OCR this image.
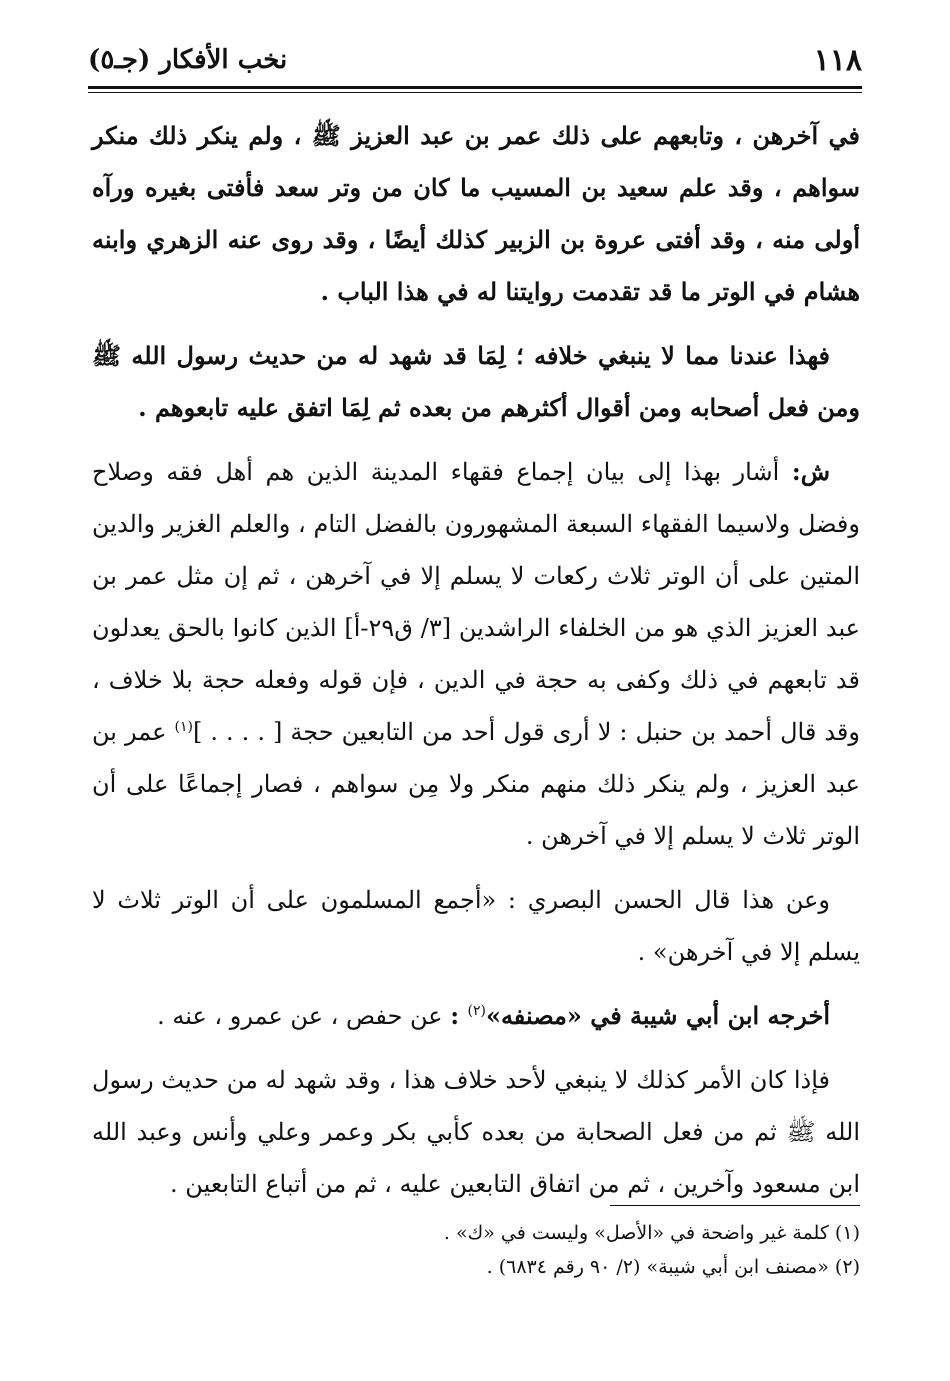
١١٨
نخب الأفكار (جـ٥)

في آخرهن ، وتابعهم على ذلك عمر بن عبد العزيز ﷺ ، ولم ينكر ذلك منكر سواهم ، وقد علم سعيد بن المسيب ما كان من وتر سعد فأفتى بغيره ورآه أولى منه ، وقد أفتى عروة بن الزبير كذلك أيضًا ، وقد روى عنه الزهري وابنه هشام في الوتر ما قد تقدمت روايتنا له في هذا الباب .

فهذا عندنا مما لا ينبغي خلافه ؛ لِمَا قد شهد له من حديث رسول الله ﷺ ومن فعل أصحابه ومن أقوال أكثرهم من بعده ثم لِمَا اتفق عليه تابعوهم .

ش: أشار بهذا إلى بيان إجماع فقهاء المدينة الذين هم أهل فقه وصلاح وفضل ولاسيما الفقهاء السبعة المشهورون بالفضل التام ، والعلم الغزير والدين المتين على أن الوتر ثلاث ركعات لا يسلم إلا في آخرهن ، ثم إن مثل عمر بن عبد العزيز الذي هو من الخلفاء الراشدين [٣/ ق٢٩-أ] الذين كانوا بالحق يعدلون قد تابعهم في ذلك وكفى به حجة في الدين ، فإن قوله وفعله حجة بلا خلاف ، وقد قال أحمد بن حنبل : لا أرى قول أحد من التابعين حجة [ . . . . ]$^{(١)}$ عمر بن عبد العزيز ، ولم ينكر ذلك منهم منكر ولا مِن سواهم ، فصار إجماعًا على أن الوتر ثلاث لا يسلم إلا في آخرهن .

وعن هذا قال الحسن البصري : «أجمع المسلمون على أن الوتر ثلاث لا يسلم إلا في آخرهن» .

أخرجه ابن أبي شيبة في «مصنفه»$^{(٢)}$ : عن حفص ، عن عمرو ، عنه .

فإذا كان الأمر كذلك لا ينبغي لأحد خلاف هذا ، وقد شهد له من حديث رسول الله ﷺ ثم من فعل الصحابة من بعده كأبي بكر وعمر وعلي وأنس وعبد الله ابن مسعود وآخرين ، ثم من اتفاق التابعين عليه ، ثم من أتباع التابعين .

(١) كلمة غير واضحة في «الأصل» وليست في «ك» .

(٢) «مصنف ابن أبي شيبة» (٢/ ٩٠ رقم ٦٨٣٤) .
